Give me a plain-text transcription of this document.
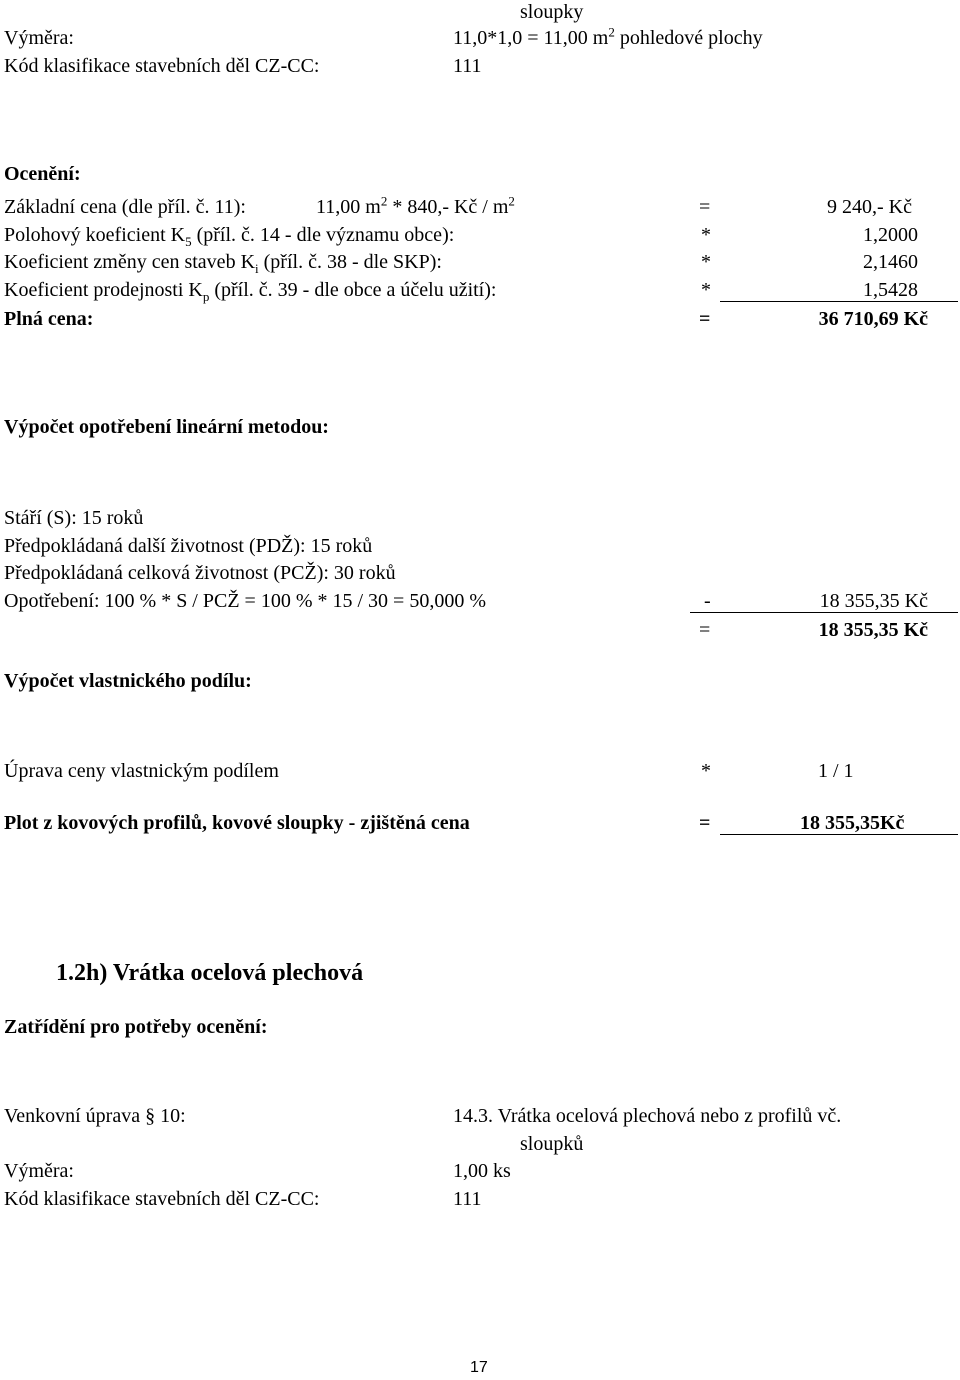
sloupky
Výměra:	11,0*1,0 = 11,00 $m^2$ pohledové plochy
Kód klasifikace stavebních děl CZ-CC:	111
Ocenění:
Základní cena (dle příl. č. 11):	11,00 $m^2 * 840,-$ Kč / $m^2$	=	9 240,- Kč
Polohový koeficient $K_5$ (příl. č. 14 - dle významu obce):	*	1,2000
Koeficient změny cen staveb $K_i$ (příl. č. 38 - dle SKP):	*	2,1460
Koeficient prodejnosti $K_p$ (příl. č. 39 - dle obce a účelu užití):	*	1,5428
Plná cena:	=	36 710,69 Kč
Výpočet opotřebení lineární metodou:
Stáří (S): 15 roků
Předpokládaná další životnost (PDŽ): 15 roků
Předpokládaná celková životnost (PCŽ): 30 roků
Opotřebení: 100 % * S / PCŽ = 100 % * 15 / 30 = 50,000 %	-	18 355,35 Kč
=	18 355,35 Kč
Výpočet vlastnického podílu:
Úprava ceny vlastnickým podílem	*	1 / 1
Plot z kovových profilů, kovové sloupky - zjištěná cena	=	18 355,35Kč
1.2h) Vrátka ocelová plechová
Zatřídění pro potřeby ocenění:
Venkovní úprava § 10:	14.3. Vrátka ocelová plechová nebo z profilů vč.
sloupků
Výměra:	1,00 ks
Kód klasifikace stavebních děl CZ-CC:	111
17
